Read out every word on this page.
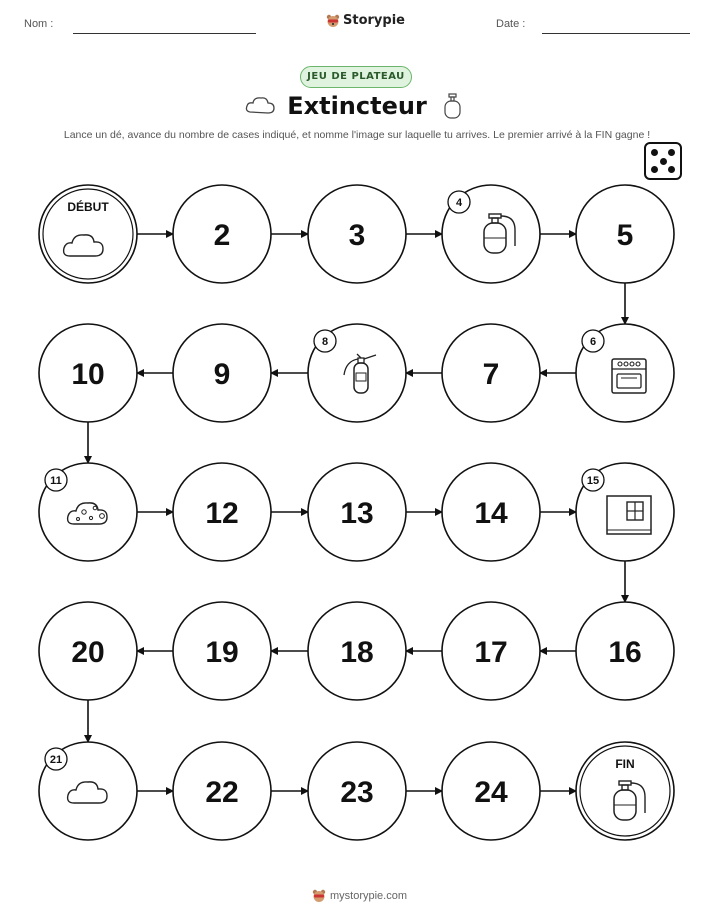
Nom :	Storypie	Date :
JEU DE PLATEAU
Extincteur
Lance un dé, avance du nombre de cases indiqué, et nomme l'image sur laquelle tu arrives. Le premier arrivé à la FIN gagne !
DÉBUT
2	3
4
5
6
7
8
9
10
11
12	13	14
15
16
17
18
19
20
21
22	23	24
FIN
mystorypie.com
